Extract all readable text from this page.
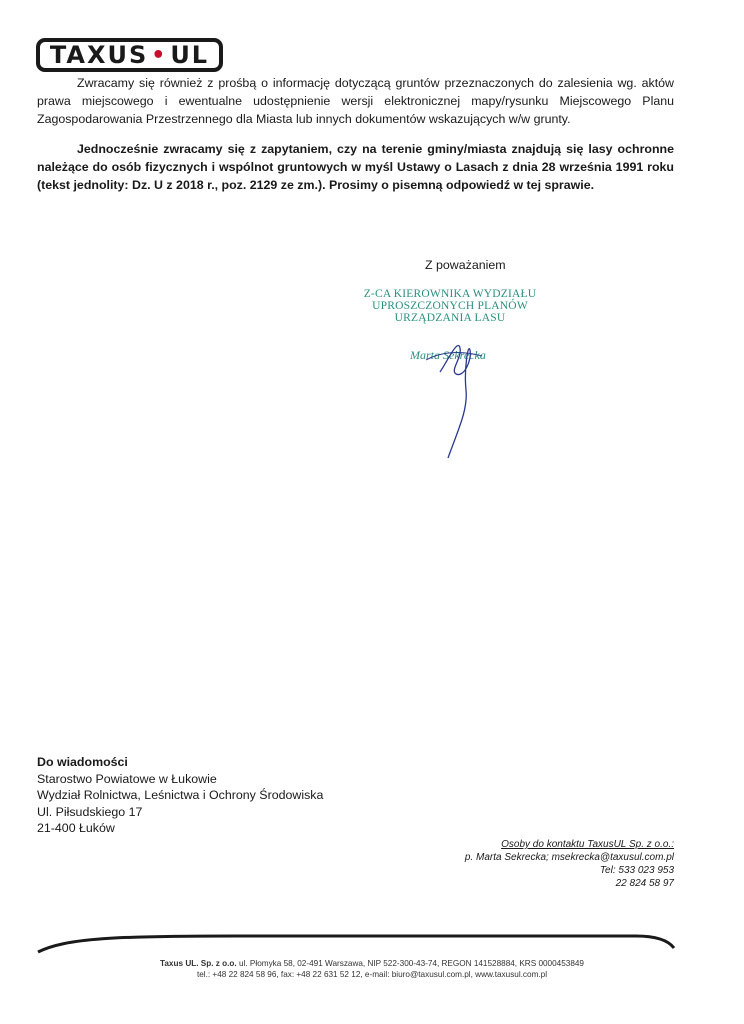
TAXUS • UL
Zwracamy się również z prośbą o informację dotyczącą gruntów przeznaczonych do zalesienia wg. aktów prawa miejscowego i ewentualne udostępnienie wersji elektronicznej mapy/rysunku Miejscowego Planu Zagospodarowania Przestrzennego dla Miasta lub innych dokumentów wskazujących w/w grunty.
Jednocześnie zwracamy się z zapytaniem, czy na terenie gminy/miasta znajdują się lasy ochronne należące do osób fizycznych i wspólnot gruntowych w myśl Ustawy o Lasach z dnia 28 września 1991 roku (tekst jednolity: Dz. U z 2018 r., poz. 2129 ze zm.). Prosimy o pisemną odpowiedź w tej sprawie.
Z poważaniem
Z-CA KIEROWNIKA WYDZIAŁU
UPROSZCZONYCH PLANÓW
URZĄDZANIA LASU
Marta Sekrecka
Do wiadomości
Starostwo Powiatowe w Łukowie
Wydział Rolnictwa, Leśnictwa i Ochrony Środowiska
Ul. Piłsudskiego 17
21-400 Łuków
Osoby do kontaktu TaxusUL Sp. z o.o.:
p. Marta Sekrecka; msekrecka@taxusul.com.pl
Tel: 533 023 953
22 824 58 97
Taxus UL. Sp. z o.o. ul. Płomyka 58, 02-491 Warszawa, NIP 522-300-43-74, REGON 141528884, KRS 0000453849
tel.: +48 22 824 58 96, fax: +48 22 631 52 12, e-mail: biuro@taxusul.com.pl, www.taxusul.com.pl
